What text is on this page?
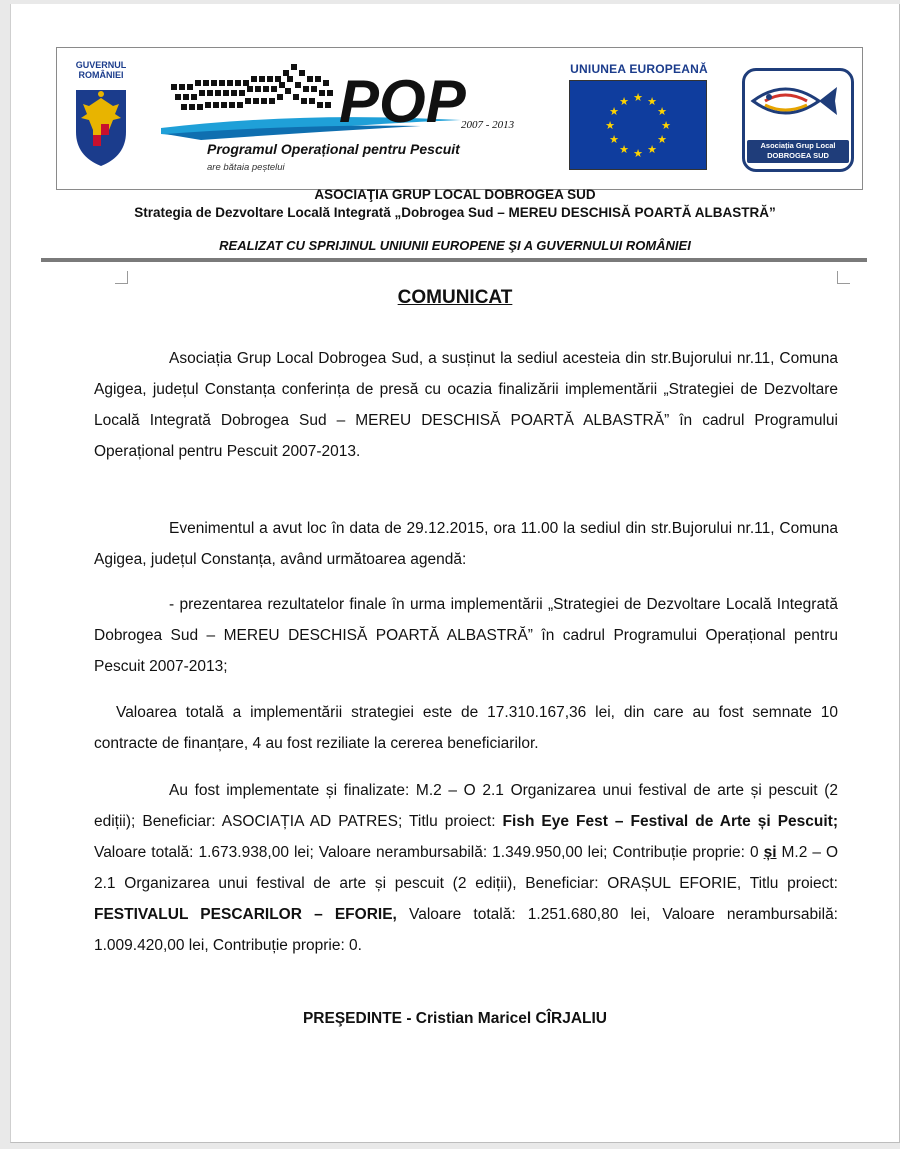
GUVERNUL
ROMÂNIEI	POP
2007 - 2013
Programul Operațional pentru Pescuit
are bătaia peștelui
UNIUNEA EUROPEANĂ
★ ★
★
★
★
★
★
★
★
★
★
★
Asociația Grup Local
DOBROGEA SUD
ASOCIAŢIA GRUP LOCAL DOBROGEA SUD
Strategia de Dezvoltare Locală Integrată „Dobrogea Sud – MEREU DESCHISĂ POARTĂ ALBASTRĂ”
REALIZAT CU SPRIJINUL UNIUNII EUROPENE ŞI A GUVERNULUI ROMÂNIEI
COMUNICAT

Asociația Grup Local Dobrogea Sud, a susținut la sediul acesteia din str.Bujorului nr.11, Comuna Agigea, județul Constanța conferința de presă cu ocazia finalizării implementării „Strategiei de Dezvoltare Locală Integrată Dobrogea Sud – MEREU DESCHISĂ POARTĂ ALBASTRĂ” în cadrul Programului Operațional pentru Pescuit 2007-2013.

Evenimentul a avut loc în data de 29.12.2015, ora 11.00 la sediul din str.Bujorului nr.11, Comuna Agigea, județul Constanța, având următoarea agendă:

- prezentarea rezultatelor finale în urma implementării „Strategiei de Dezvoltare Locală Integrată Dobrogea Sud – MEREU DESCHISĂ POARTĂ ALBASTRĂ” în cadrul Programului Operațional pentru Pescuit 2007-2013;

Valoarea totală a implementării strategiei este de 17.310.167,36 lei, din care au fost semnate 10 contracte de finanțare, 4 au fost reziliate la cererea beneficiarilor.

Au fost implementate și finalizate: M.2 – O 2.1 Organizarea unui festival de arte și pescuit (2 ediții); Beneficiar: ASOCIAȚIA AD PATRES; Titlu proiect: Fish Eye Fest – Festival de Arte și Pescuit; Valoare totală: 1.673.938,00 lei; Valoare nerambursabilă: 1.349.950,00 lei; Contribuție proprie: 0 și M.2 – O 2.1 Organizarea unui festival de arte și pescuit (2 ediții), Beneficiar: ORAȘUL EFORIE, Titlu proiect: FESTIVALUL PESCARILOR – EFORIE, Valoare totală: 1.251.680,80 lei, Valoare nerambursabilă: 1.009.420,00 lei, Contribuție proprie: 0.

PREŞEDINTE - Cristian Maricel CÎRJALIU
